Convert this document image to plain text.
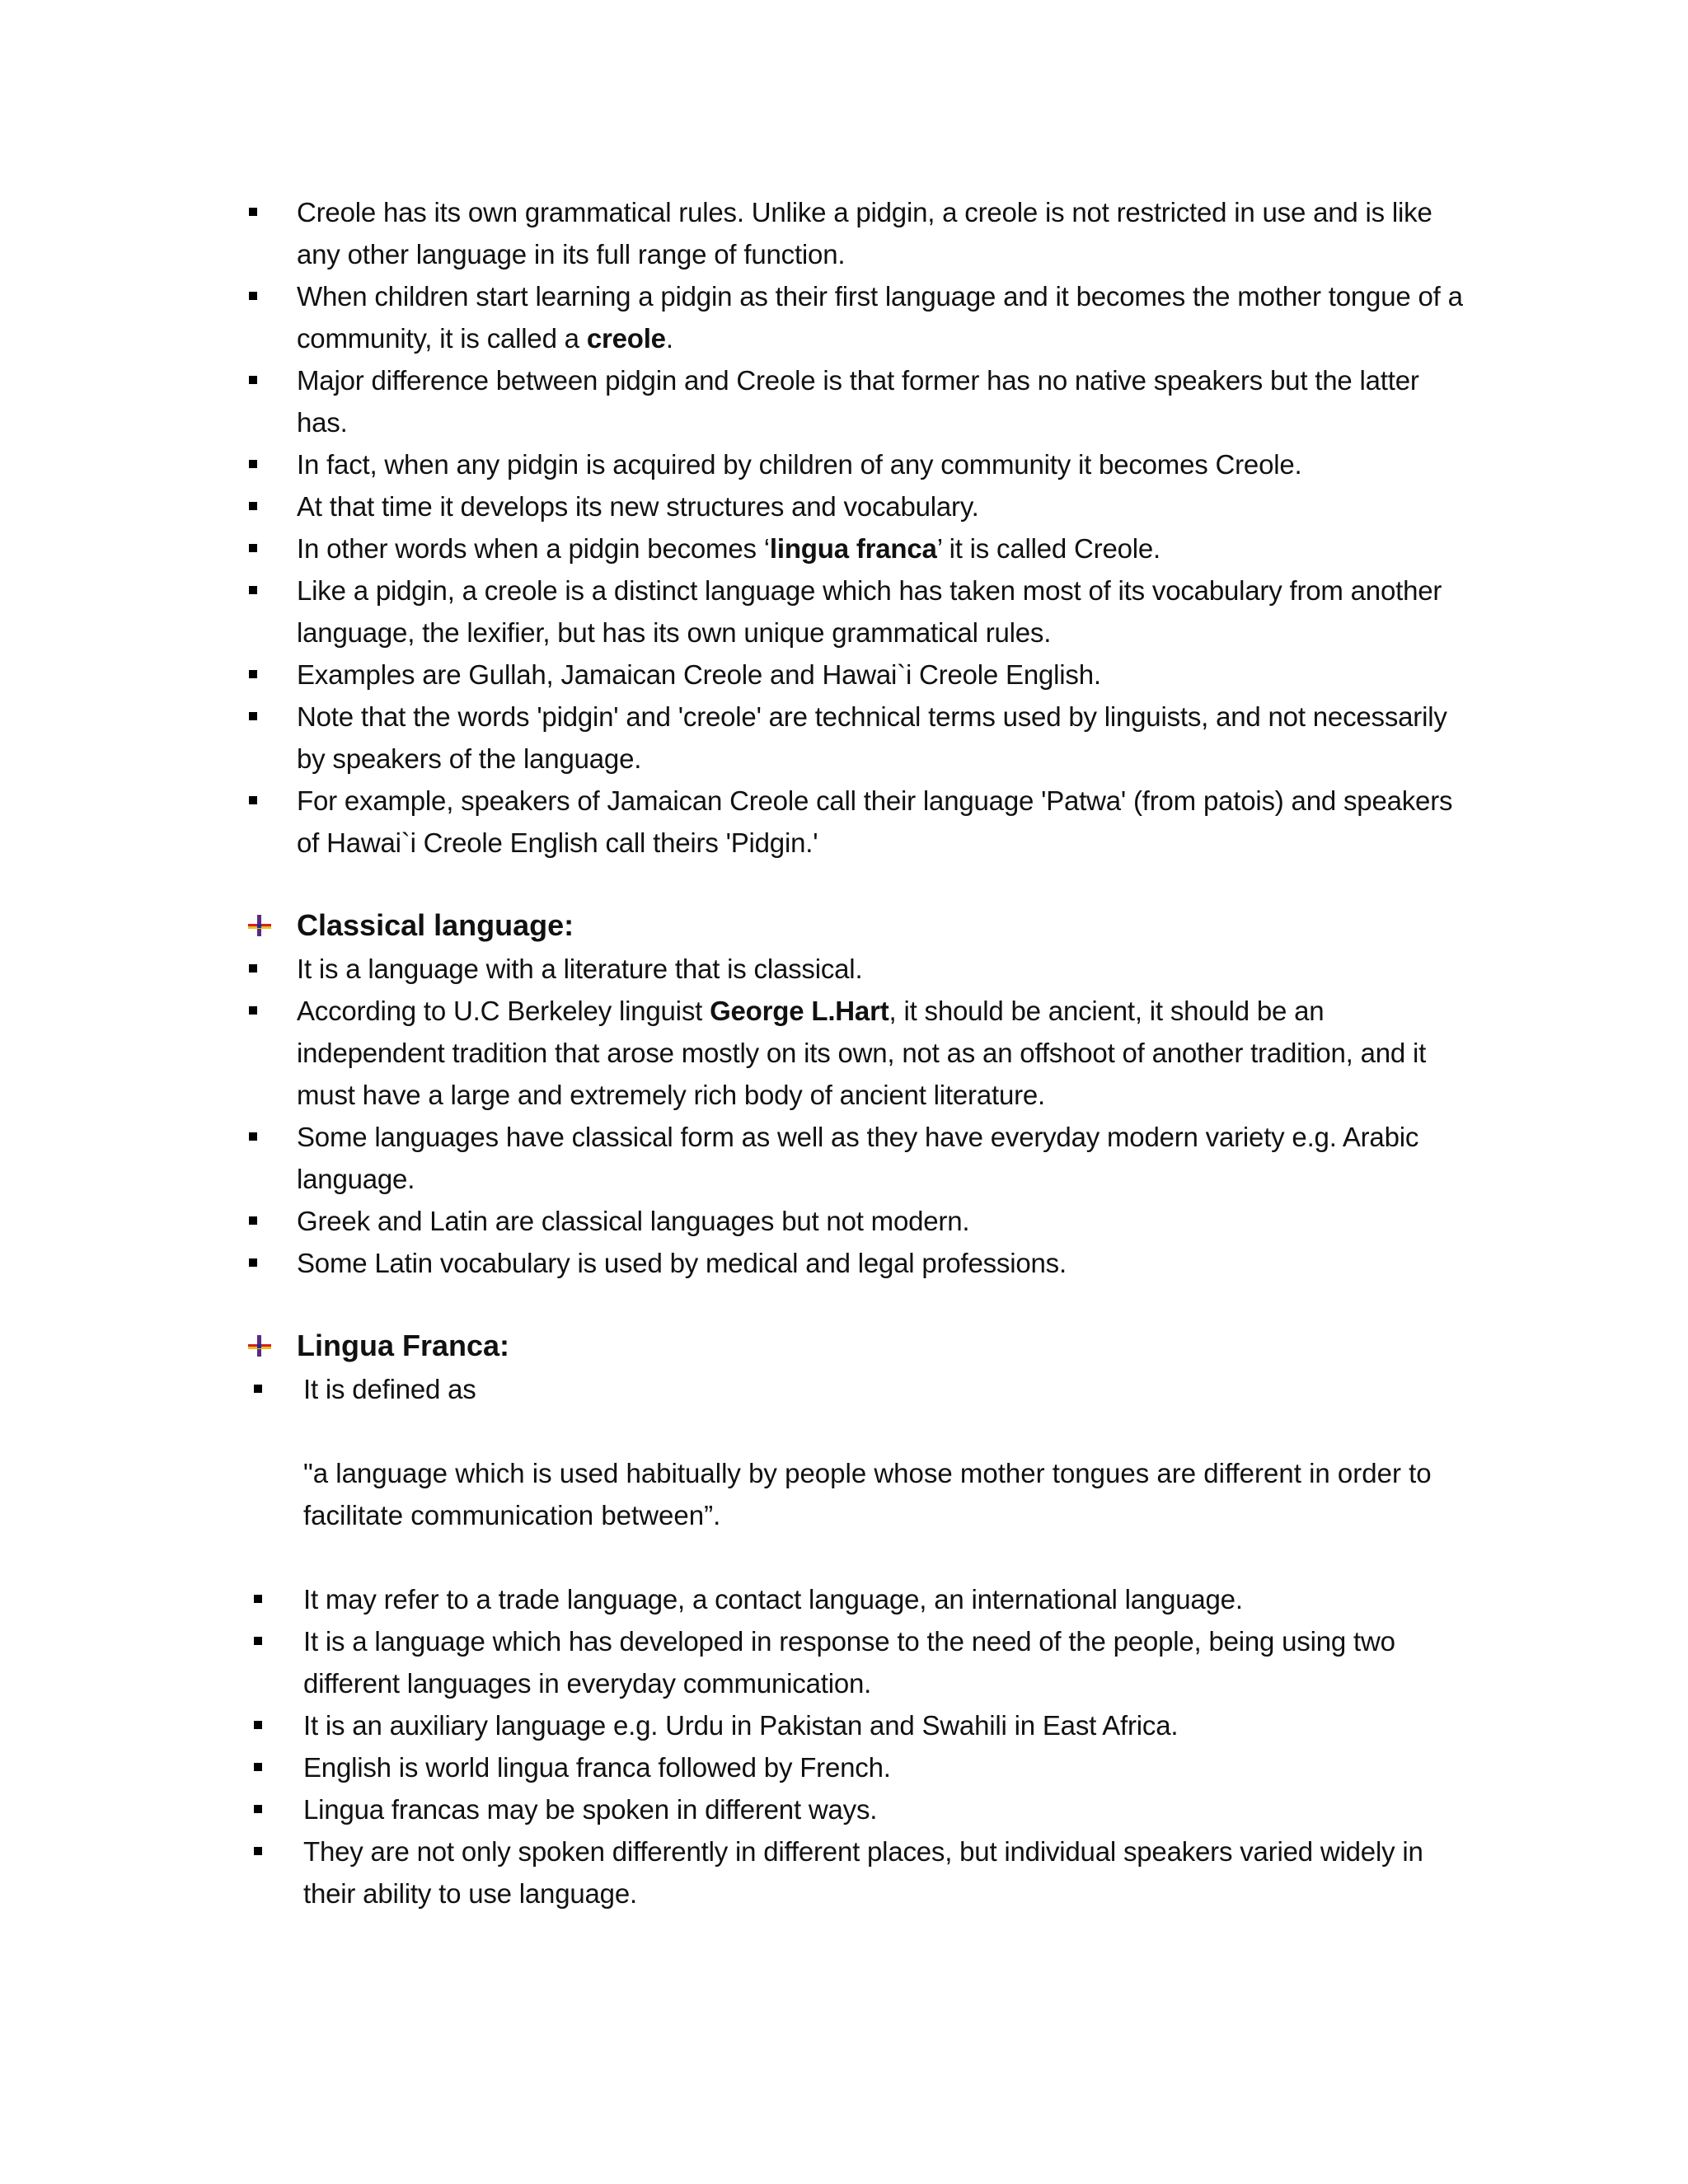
Creole has its own grammatical rules. Unlike a pidgin, a creole is not restricted in use and is like any other language in its full range of function.
When children start learning a pidgin as their first language and it becomes the mother tongue of a community, it is called a creole.
Major difference between pidgin and Creole is that former has no native speakers but the latter has.
In fact, when any pidgin is acquired by children of any community it becomes Creole.
At that time it develops its new structures and vocabulary.
In other words when a pidgin becomes ‘lingua franca’ it is called Creole.
Like a pidgin, a creole is a distinct language which has taken most of its vocabulary from another language, the lexifier, but has its own unique grammatical rules.
Examples are Gullah, Jamaican Creole and Hawai`i Creole English.
Note that the words 'pidgin' and 'creole' are technical terms used by linguists, and not necessarily by speakers of the language.
For example, speakers of Jamaican Creole call their language 'Patwa' (from patois) and speakers of Hawai`i Creole English call theirs 'Pidgin.'
Classical language:
It is a language with a literature that is classical.
According to U.C Berkeley linguist George L.Hart, it should be ancient, it should be an independent tradition that arose mostly on its own, not as an offshoot of another tradition, and it must have a large and extremely rich body of ancient literature.
Some languages have classical form as well as they have everyday modern variety e.g. Arabic language.
Greek and Latin are classical languages but not modern.
Some Latin vocabulary is used by medical and legal professions.
Lingua Franca:
It is defined as
"a language which is used habitually by people whose mother tongues are different in order to facilitate communication between”.
It may refer to a trade language, a contact language, an international language.
It is a language which has developed in response to the need of the people, being using two different languages in everyday communication.
It is an auxiliary language e.g. Urdu in Pakistan and Swahili in East Africa.
English is world lingua franca followed by French.
Lingua francas may be spoken in different ways.
They are not only spoken differently in different places, but individual speakers varied widely in their ability to use language.
